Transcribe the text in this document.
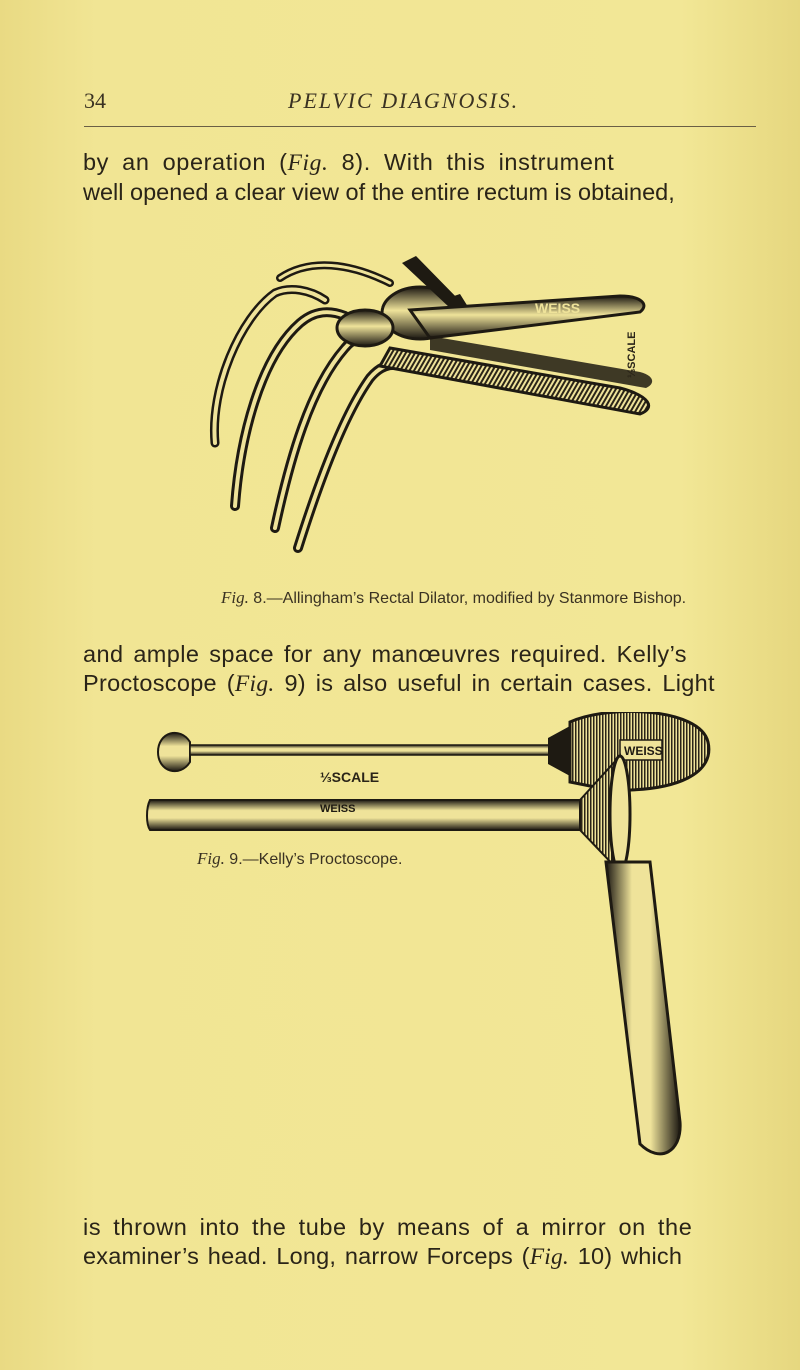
34	PELVIC DIAGNOSIS.

by an operation (Fig. 8). With this instrument

well opened a clear view of the entire rectum is obtained,

WEISS
⅓SCALE
Fig. 8.—Allingham’s Rectal Dilator, modified by Stanmore Bishop.

and ample space for any manœuvres required. Kelly’s

Proctoscope (Fig. 9) is also useful in certain cases. Light

WEISS
⅓SCALE
WEISS
Fig. 9.—Kelly’s Proctoscope.

is thrown into the tube by means of a mirror on the

examiner’s head. Long, narrow Forceps (Fig. 10) which
